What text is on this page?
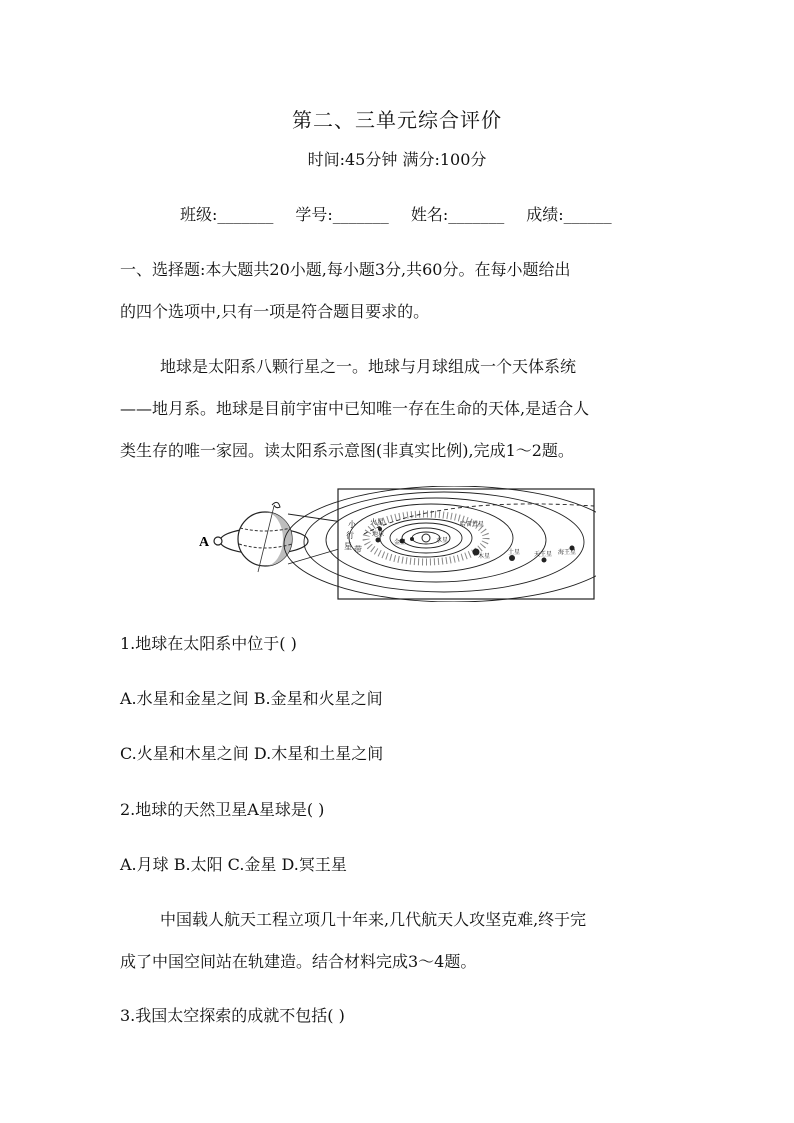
第二、三单元综合评价
时间:45分钟 满分:100分
班级:_______ 学号:_______ 姓名:_______ 成绩:______
一、选择题:本大题共20小题,每小题3分,共60分。在每小题给出
的四个选项中,只有一项是符合题目要求的。
地球是太阳系八颗行星之一。地球与月球组成一个天体系统
——地月系。地球是目前宇宙中已知唯一存在生命的天体,是适合人
类生存的唯一家园。读太阳系示意图(非真实比例),完成1～2题。
A
小
行
星 带
火星
地球
金星	水星
哈雷彗星
木星
土星 天王星 海王星
1.地球在太阳系中位于( )
A.水星和金星之间 B.金星和火星之间
C.火星和木星之间 D.木星和土星之间
2.地球的天然卫星A星球是( )
A.月球 B.太阳 C.金星 D.冥王星
中国载人航天工程立项几十年来,几代航天人攻坚克难,终于完
成了中国空间站在轨建造。结合材料完成3～4题。
3.我国太空探索的成就不包括( )
